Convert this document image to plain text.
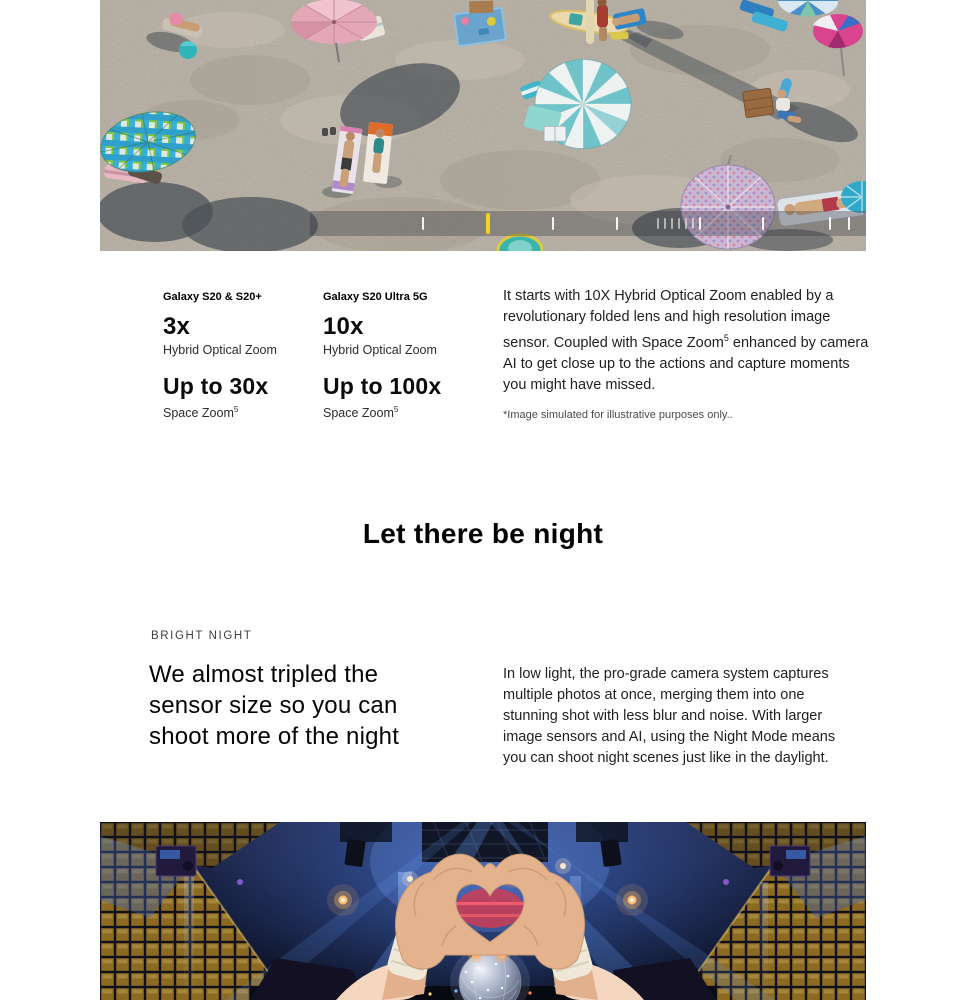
Galaxy S20 & S20+

3x

Hybrid Optical Zoom

Up to 30x

Space Zoom$^5$

Galaxy S20 Ultra 5G

10x

Hybrid Optical Zoom

Up to 100x

Space Zoom$^5$

It starts with 10X Hybrid Optical Zoom enabled by a revolutionary folded lens and high resolution image sensor. Coupled with Space Zoom$^5$ enhanced by camera AI to get close up to the actions and capture moments you might have missed.

*Image simulated for illustrative purposes only..

Let there be night

BRIGHT NIGHT

We almost tripled the sensor size so you can shoot more of the night

In low light, the pro-grade camera system captures multiple photos at once, merging them into one stunning shot with less blur and noise. With larger image sensors and AI, using the Night Mode means you can shoot night scenes just like in the daylight.
